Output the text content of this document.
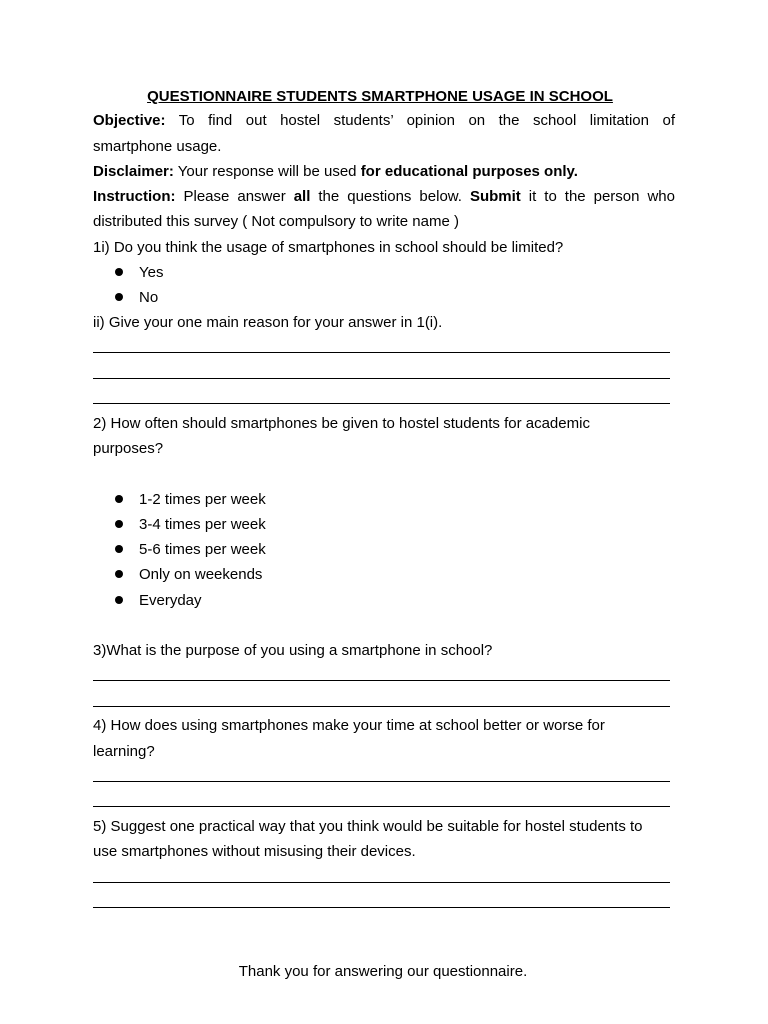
QUESTIONNAIRE STUDENTS SMARTPHONE USAGE IN SCHOOL
Objective: To find out hostel students’ opinion on the school limitation of
smartphone usage.
Disclaimer: Your response will be used for educational purposes only.
Instruction: Please answer all the questions below. Submit it to the person who
distributed this survey ( Not compulsory to write name )
1i) Do you think the usage of smartphones in school should be limited?
Yes
No
ii) Give your one main reason for your answer in 1(i).
2) How often should smartphones be given to hostel students for academic
purposes?
1-2 times per week
3-4 times per week
5-6 times per week
Only on weekends
Everyday
3)What is the purpose of you using a smartphone in school?
4) How does using smartphones make your time at school better or worse for
learning?
5) Suggest one practical way that you think would be suitable for hostel students to
use smartphones without misusing their devices.
Thank you for answering our questionnaire.
